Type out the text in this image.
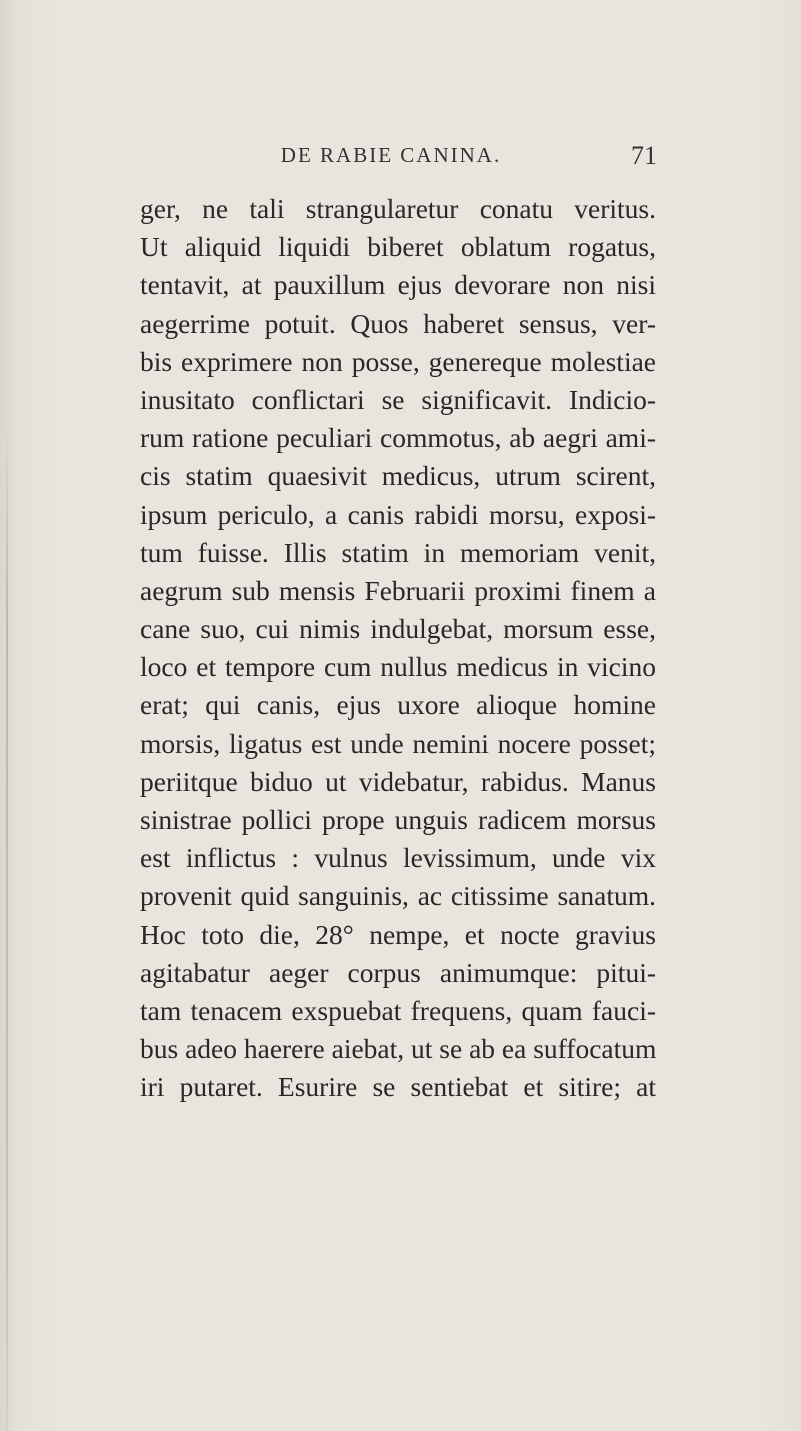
DE RABIE CANINA.	71
ger, ne tali strangularetur conatu veritus.
Ut aliquid liquidi biberet oblatum rogatus,
tentavit, at pauxillum ejus devorare non nisi
aegerrime potuit. Quos haberet sensus, ver-
bis exprimere non posse, genereque molestiae
inusitato conflictari se significavit. Indicio-
rum ratione peculiari commotus, ab aegri ami-
cis statim quaesivit medicus, utrum scirent,
ipsum periculo, a canis rabidi morsu, exposi-
tum fuisse. Illis statim in memoriam venit,
aegrum sub mensis Februarii proximi finem a
cane suo, cui nimis indulgebat, morsum esse,
loco et tempore cum nullus medicus in vicino
erat; qui canis, ejus uxore alioque homine
morsis, ligatus est unde nemini nocere posset;
periitque biduo ut videbatur, rabidus. Manus
sinistrae pollici prope unguis radicem morsus
est inflictus : vulnus levissimum, unde vix
provenit quid sanguinis, ac citissime sanatum.
Hoc toto die, 28° nempe, et nocte gravius
agitabatur aeger corpus animumque: pitui-
tam tenacem exspuebat frequens, quam fauci-
bus adeo haerere aiebat, ut se ab ea suffocatum
iri putaret. Esurire se sentiebat et sitire; at
